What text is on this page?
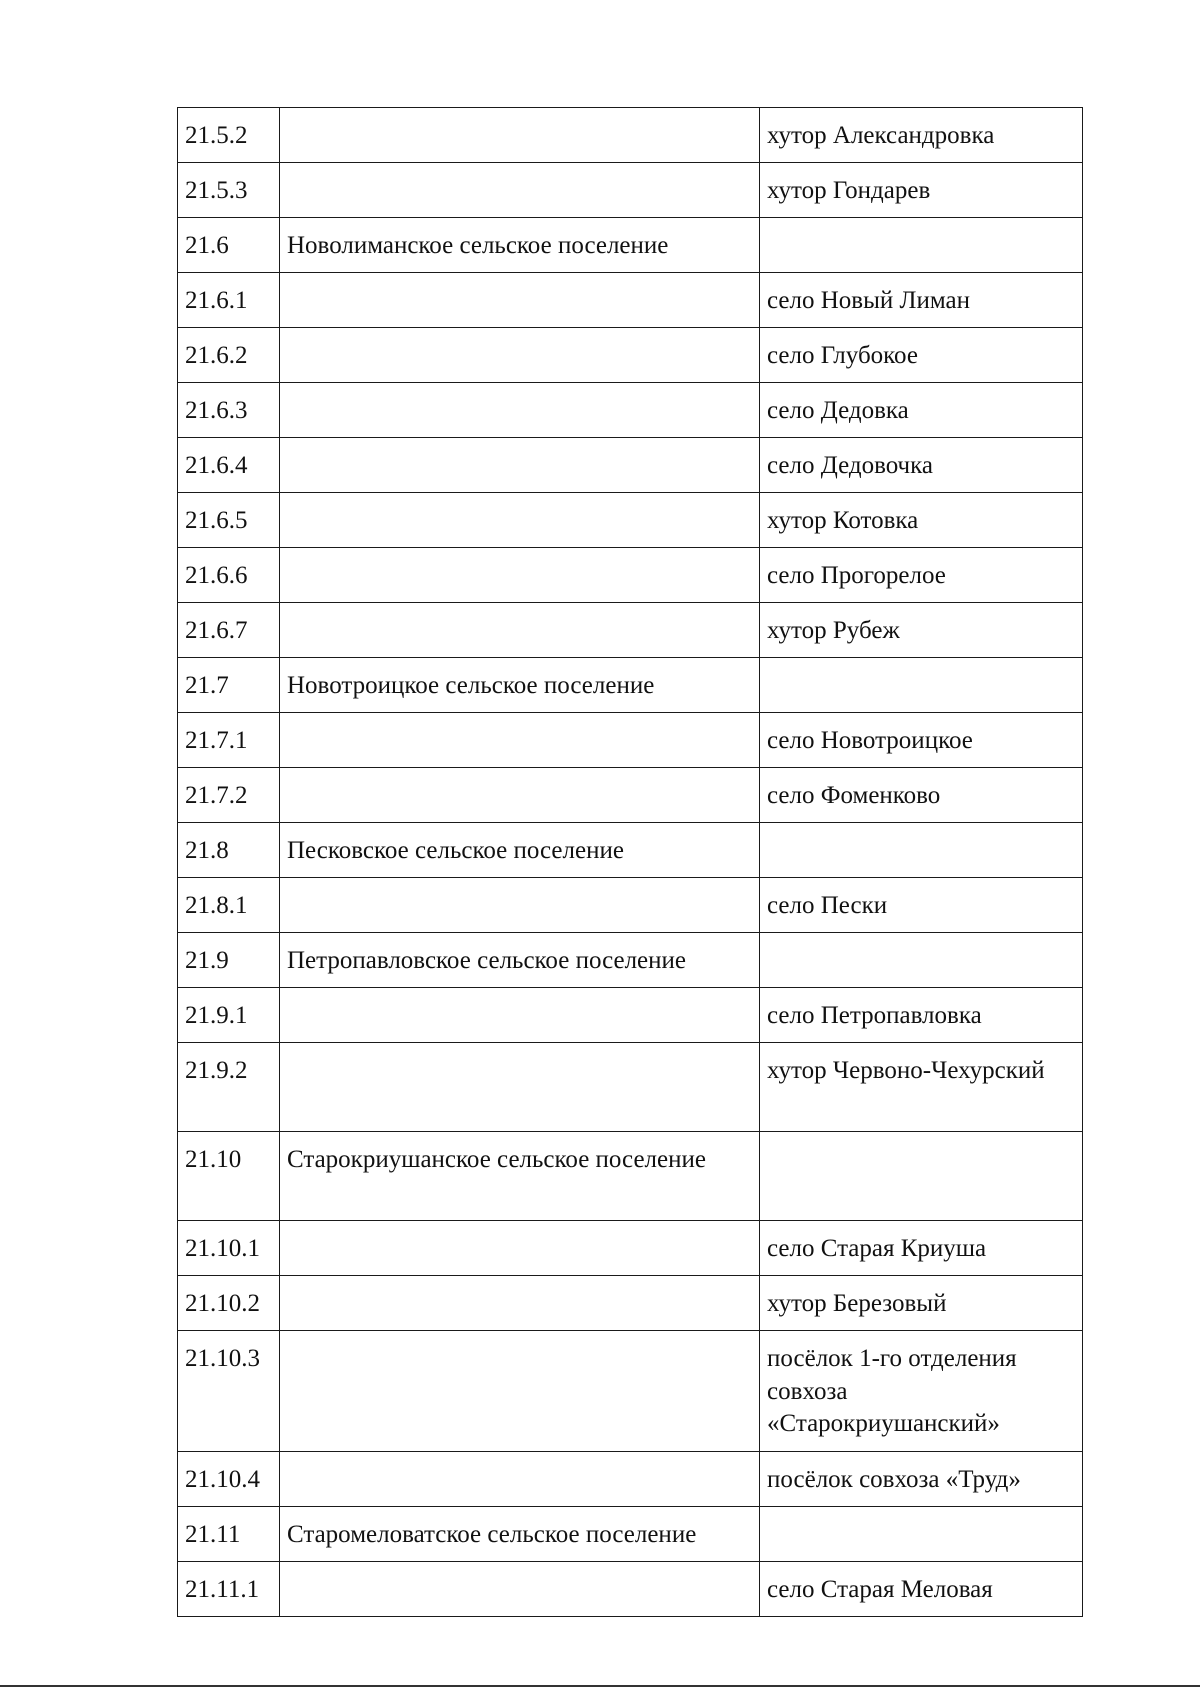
21.5.2		хутор Александровка
21.5.3		хутор Гондарев
21.6	Новолиманское сельское поселение	
21.6.1		село Новый Лиман
21.6.2		село Глубокое
21.6.3		село Дедовка
21.6.4		село Дедовочка
21.6.5		хутор Котовка
21.6.6		село Прогорелое
21.6.7		хутор Рубеж
21.7	Новотроицкое сельское поселение	
21.7.1		село Новотроицкое
21.7.2		село Фоменково
21.8	Песковское сельское поселение	
21.8.1		село Пески
21.9	Петропавловское сельское поселение	
21.9.1		село Петропавловка
21.9.2		хутор Червоно-Чехурский
21.10	Старокриушанское сельское поселение	
21.10.1		село Старая Криуша
21.10.2		хутор Березовый
21.10.3		посёлок 1-го отделения совхоза «Старокриушанский»
21.10.4		посёлок совхоза «Труд»
21.11	Старомеловатское сельское поселение	
21.11.1		село Старая Меловая
